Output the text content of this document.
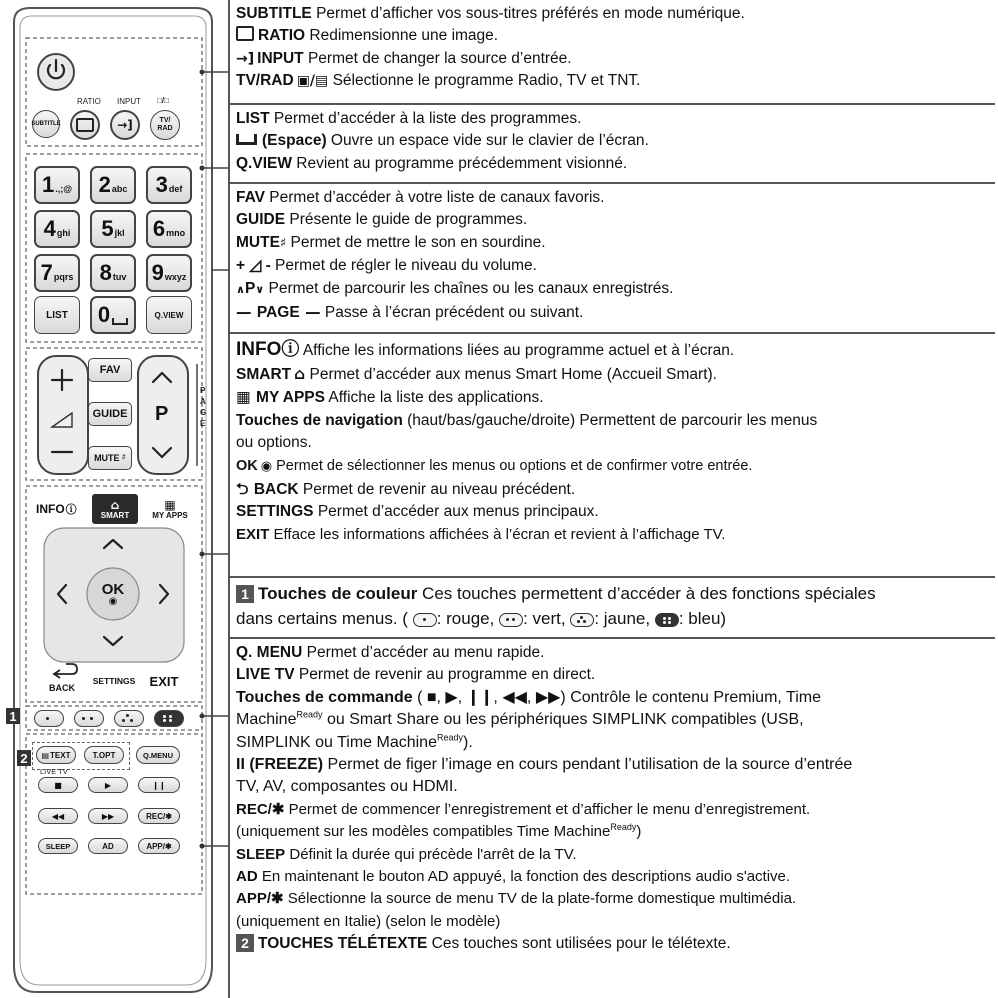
RATIO INPUT □/□
SUBTITLE	→]	TV/
RAD
1 .,;@ 2 abc 3 def
4 ghi 5 jkl 6 mno
7 pqrs 8 tuv 9 wxyz
LIST 0	Q.VIEW
FAV
GUIDE
MUTE ♯
P
P
A
G
E
INFO ⓘ	⌂
SMART
▦
MY APPS
OK
◉
BACK
SETTINGS EXIT
1
2	▤ TEXT	T.OPT	Q.MENU
LIVE TV
■	▶	❙❙
◀◀	▶▶	REC/✱
SLEEP	AD	APP/✱
SUBTITLE Permet d’afficher vos sous-titres préférés en mode numérique.
RATIO Redimensionne une image.
→] INPUT Permet de changer la source d’entrée.
TV/RAD ▣/▤ Sélectionne le programme Radio, TV et TNT.
LIST Permet d’accéder à la liste des programmes.
(Espace) Ouvre un espace vide sur le clavier de l’écran.
Q.VIEW Revient au programme précédemment visionné.
FAV Permet d’accéder à votre liste de canaux favoris.
GUIDE Présente le guide de programmes.
MUTE♯ Permet de mettre le son en sourdine.
+ ◿ - Permet de régler le niveau du volume.
∧P∨ Permet de parcourir les chaînes ou les canaux enregistrés.
— PAGE — Passe à l’écran précédent ou suivant.
INFOⓘ Affiche les informations liées au programme actuel et à l’écran.
SMART ⌂ Permet d’accéder aux menus Smart Home (Accueil Smart).
▦ MY APPS Affiche la liste des applications.
Touches de navigation (haut/bas/gauche/droite) Permettent de parcourir les menus
ou options.
OK ◉ Permet de sélectionner les menus ou options et de confirmer votre entrée.
⮌ BACK Permet de revenir au niveau précédent.
SETTINGS Permet d’accéder aux menus principaux.
EXIT Efface les informations affichées à l’écran et revient à l’affichage TV.
1 Touches de couleur Ces touches permettent d’accéder à des fonctions spéciales
dans certains menus. ( : rouge,
: vert,
: jaune,
: bleu)
Q. MENU Permet d’accéder au menu rapide.
LIVE TV Permet de revenir au programme en direct.
Touches de commande ( ■, ▶, ❙❙, ◀◀, ▶▶) Contrôle le contenu Premium, Time
Machine$^{Ready}$ ou Smart Share ou les périphériques SIMPLINK compatibles (USB,
SIMPLINK ou Time Machine$^{Ready}$).
II (FREEZE) Permet de figer l’image en cours pendant l’utilisation de la source d’entrée
TV, AV, composantes ou HDMI.
REC/✱ Permet de commencer l’enregistrement et d’afficher le menu d’enregistrement.
(uniquement sur les modèles compatibles Time Machine$^{Ready}$)
SLEEP Définit la durée qui précède l'arrêt de la TV.
AD En maintenant le bouton AD appuyé, la fonction des descriptions audio s'active.
APP/✱ Sélectionne la source de menu TV de la plate-forme domestique multimédia.
(uniquement en Italie) (selon le modèle)
2 TOUCHES TÉLÉTEXTE Ces touches sont utilisées pour le télétexte.
